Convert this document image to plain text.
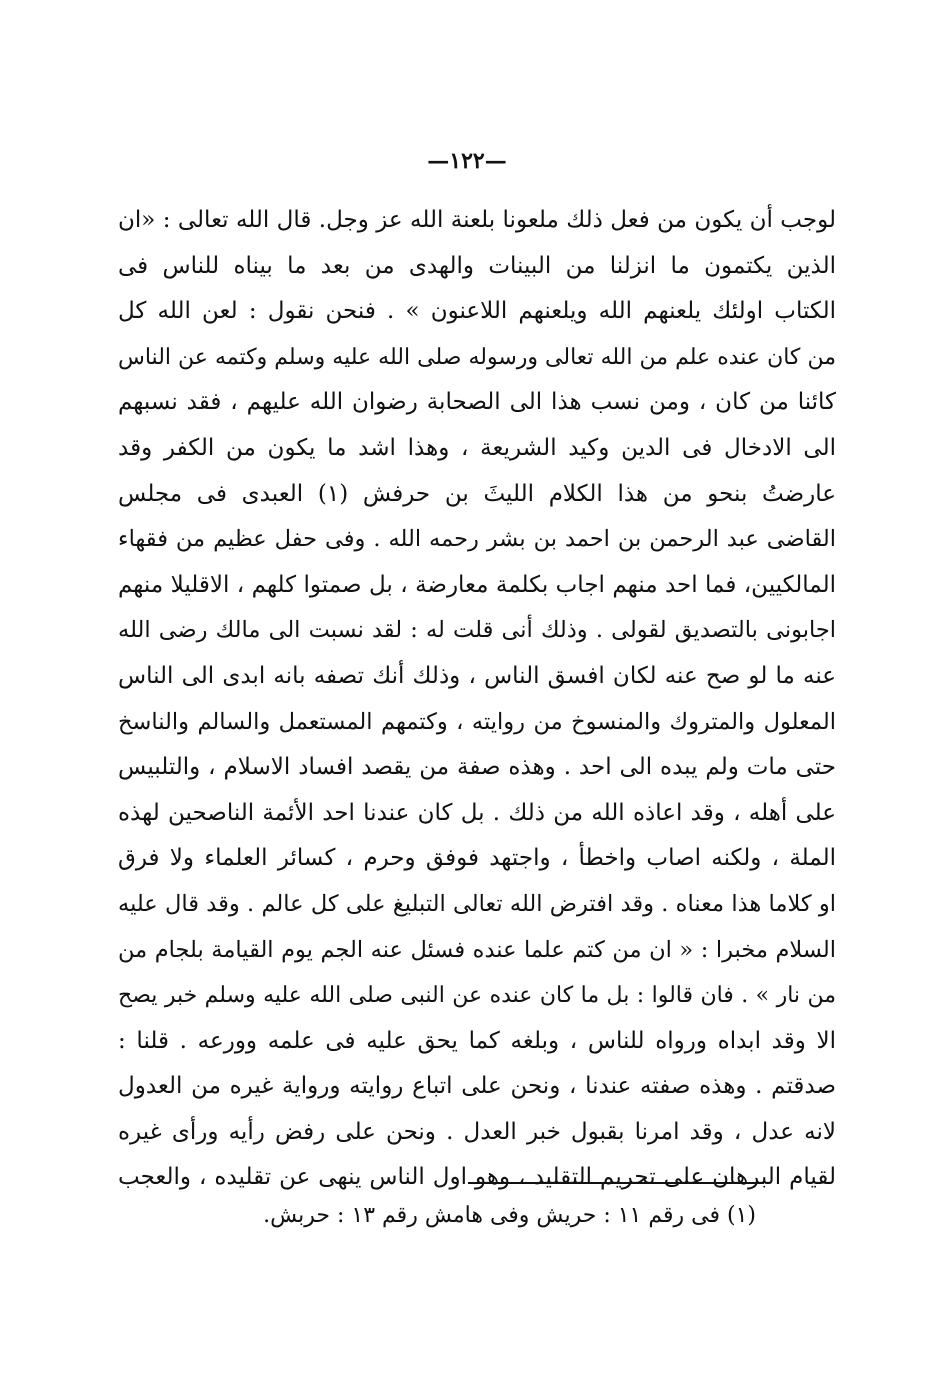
—١٢٢—
لوجب أن يكون من فعل ذلك ملعونا بلعنة الله عز وجل. قال الله تعالى : «ان
الذين يكتمون ما انزلنا من البينات والهدى من بعد ما بيناه للناس فى
الكتاب اولئك يلعنهم الله ويلعنهم اللاعنون » . فنحن نقول : لعن الله كل
من كان عنده علم من الله تعالى ورسوله صلى الله عليه وسلم وكتمه عن الناس
كائنا من كان ، ومن نسب هذا الى الصحابة رضوان الله عليهم ، فقد نسبهم
الى الادخال فى الدين وكيد الشريعة ، وهذا اشد ما يكون من الكفر وقد
عارضتُ بنحو من هذا الكلام الليثَ بن حرفش (١) العبدى فى مجلس
القاضى عبد الرحمن بن احمد بن بشر رحمه الله . وفى حفل عظيم من فقهاء
المالكيين، فما احد منهم اجاب بكلمة معارضة ، بل صمتوا كلهم ، الاقليلا منهم
اجابونى بالتصديق لقولى . وذلك أنى قلت له : لقد نسبت الى مالك رضى الله
عنه ما لو صح عنه لكان افسق الناس ، وذلك أنك تصفه بانه ابدى الى الناس
المعلول والمتروك والمنسوخ من روايته ، وكتمهم المستعمل والسالم والناسخ
حتى مات ولم يبده الى احد . وهذه صفة من يقصد افساد الاسلام ، والتلبيس
على أهله ، وقد اعاذه الله من ذلك . بل كان عندنا احد الأئمة الناصحين لهذه
الملة ، ولكنه اصاب واخطأ ، واجتهد فوفق وحرم ، كسائر العلماء ولا فرق
او كلاما هذا معناه . وقد افترض الله تعالى التبليغ على كل عالم . وقد قال عليه
السلام مخبرا : « ان من كتم علما عنده فسئل عنه الجم يوم القيامة بلجام من
من نار » . فان قالوا : بل ما كان عنده عن النبى صلى الله عليه وسلم خبر يصح
الا وقد ابداه ورواه للناس ، وبلغه كما يحق عليه فى علمه وورعه . قلنا :
صدقتم . وهذه صفته عندنا ، ونحن على اتباع روايته ورواية غيره من العدول
لانه عدل ، وقد امرنا بقبول خبر العدل . ونحن على رفض رأيه ورأى غيره
لقيام البرهان على تحريم التقليد ، وهو اول الناس ينهى عن تقليده ، والعجب
(١) فى رقم ١١ : حريش وفى هامش رقم ١٣ : حربش.
